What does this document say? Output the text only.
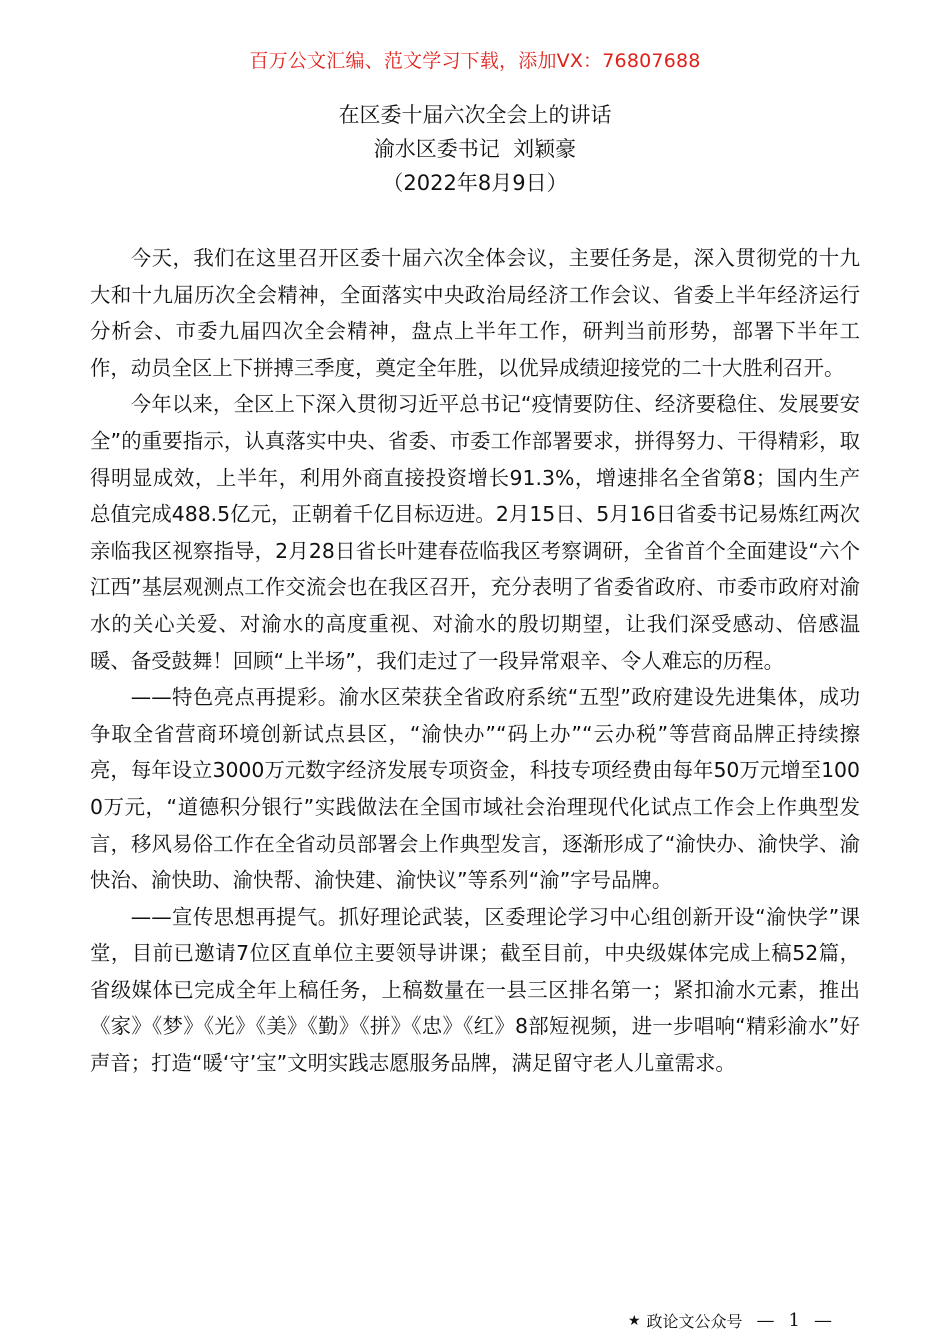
百万公文汇编、范文学习下载，添加VX：76807688
在区委十届六次全会上的讲话
渝水区委书记  刘颖豪
（2022年8月9日）

今天，我们在这里召开区委十届六次全体会议，主要任务是，深入贯彻党的十九大和十九届历次全会精神，全面落实中央政治局经济工作会议、省委上半年经济运行分析会、市委九届四次全会精神，盘点上半年工作，研判当前形势，部署下半年工作，动员全区上下拼搏三季度，奠定全年胜，以优异成绩迎接党的二十大胜利召开。

今年以来，全区上下深入贯彻习近平总书记“疫情要防住、经济要稳住、发展要安全”的重要指示，认真落实中央、省委、市委工作部署要求，拼得努力、干得精彩，取得明显成效，上半年，利用外商直接投资增长91.3%，增速排名全省第8；国内生产总值完成488.5亿元，正朝着千亿目标迈进。2月15日、5月16日省委书记易炼红两次亲临我区视察指导，2月28日省长叶建春莅临我区考察调研，全省首个全面建设“六个江西”基层观测点工作交流会也在我区召开，充分表明了省委省政府、市委市政府对渝水的关心关爱、对渝水的高度重视、对渝水的殷切期望，让我们深受感动、倍感温暖、备受鼓舞！回顾“上半场”，我们走过了一段异常艰辛、令人难忘的历程。

——特色亮点再提彩。渝水区荣获全省政府系统“五型”政府建设先进集体，成功争取全省营商环境创新试点县区，“渝快办”“码上办”“云办税”等营商品牌正持续擦亮，每年设立3000万元数字经济发展专项资金，科技专项经费由每年50万元增至1000万元，“道德积分银行”实践做法在全国市域社会治理现代化试点工作会上作典型发言，移风易俗工作在全省动员部署会上作典型发言，逐渐形成了“渝快办、渝快学、渝快治、渝快助、渝快帮、渝快建、渝快议”等系列“渝”字号品牌。

——宣传思想再提气。抓好理论武装，区委理论学习中心组创新开设“渝快学”课堂，目前已邀请7位区直单位主要领导讲课；截至目前，中央级媒体完成上稿52篇，省级媒体已完成全年上稿任务，上稿数量在一县三区排名第一；紧扣渝水元素，推出《家》《梦》《光》《美》《勤》《拼》《忠》《红》8部短视频，进一步唱响“精彩渝水”好声音；打造“暖‘守’宝”文明实践志愿服务品牌，满足留守老人儿童需求。

★ 政论文公众号 — 1 —
